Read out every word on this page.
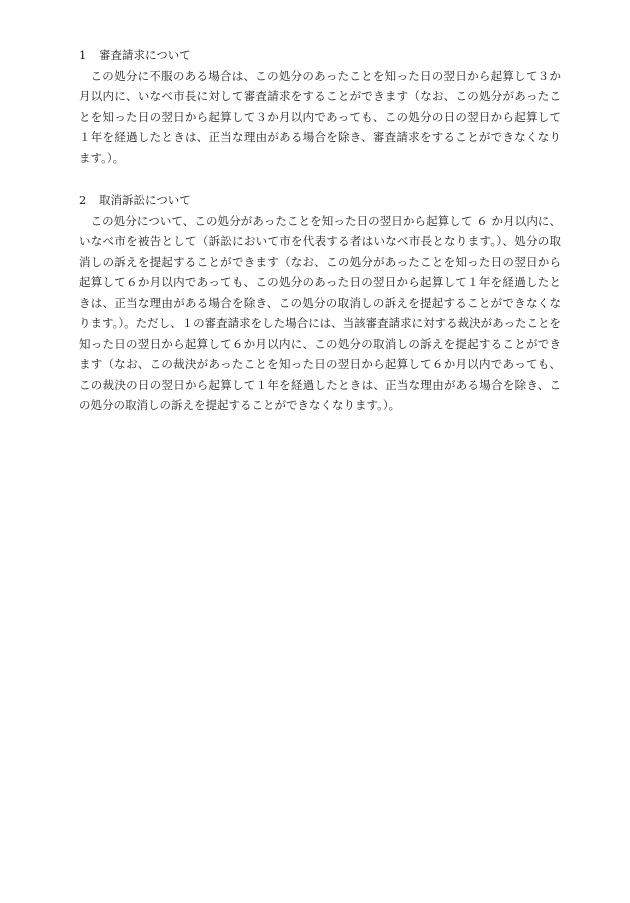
1	審査請求について

この処分に不服のある場合は、この処分のあったことを知った日の翌日から起算して３か月以内に、いなべ市長に対して審査請求をすることができます（なお、この処分があったことを知った日の翌日から起算して３か月以内であっても、この処分の日の翌日から起算して１年を経過したときは、正当な理由がある場合を除き、審査請求をすることができなくなります。）。

2	取消訴訟について

この処分について、この処分があったことを知った日の翌日から起算して ６ か月以内に、いなべ市を被告として（訴訟において市を代表する者はいなべ市長となります。）、処分の取消しの訴えを提起することができます（なお、この処分があったことを知った日の翌日から起算して６か月以内であっても、この処分のあった日の翌日から起算して１年を経過したときは、正当な理由がある場合を除き、この処分の取消しの訴えを提起することができなくなります。）。ただし、１の審査請求をした場合には、当該審査請求に対する裁決があったことを知った日の翌日から起算して６か月以内に、この処分の取消しの訴えを提起することができます（なお、この裁決があったことを知った日の翌日から起算して６か月以内であっても、この裁決の日の翌日から起算して１年を経過したときは、正当な理由がある場合を除き、この処分の取消しの訴えを提起することができなくなります。）。
